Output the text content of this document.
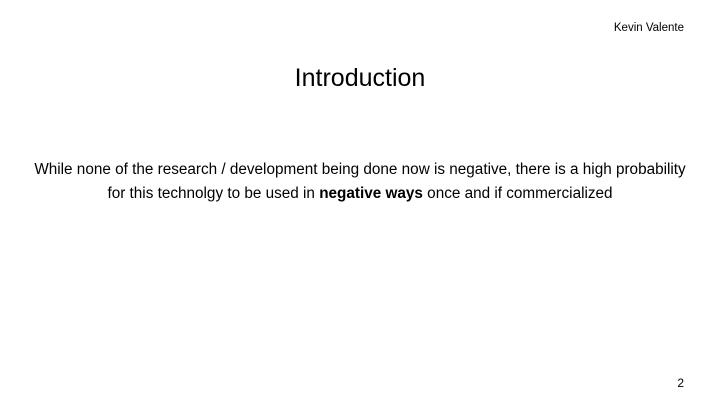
Kevin Valente
Introduction
While none of the research / development being done now is negative, there is a high probability for this technolgy to be used in negative ways once and if commercialized
2
